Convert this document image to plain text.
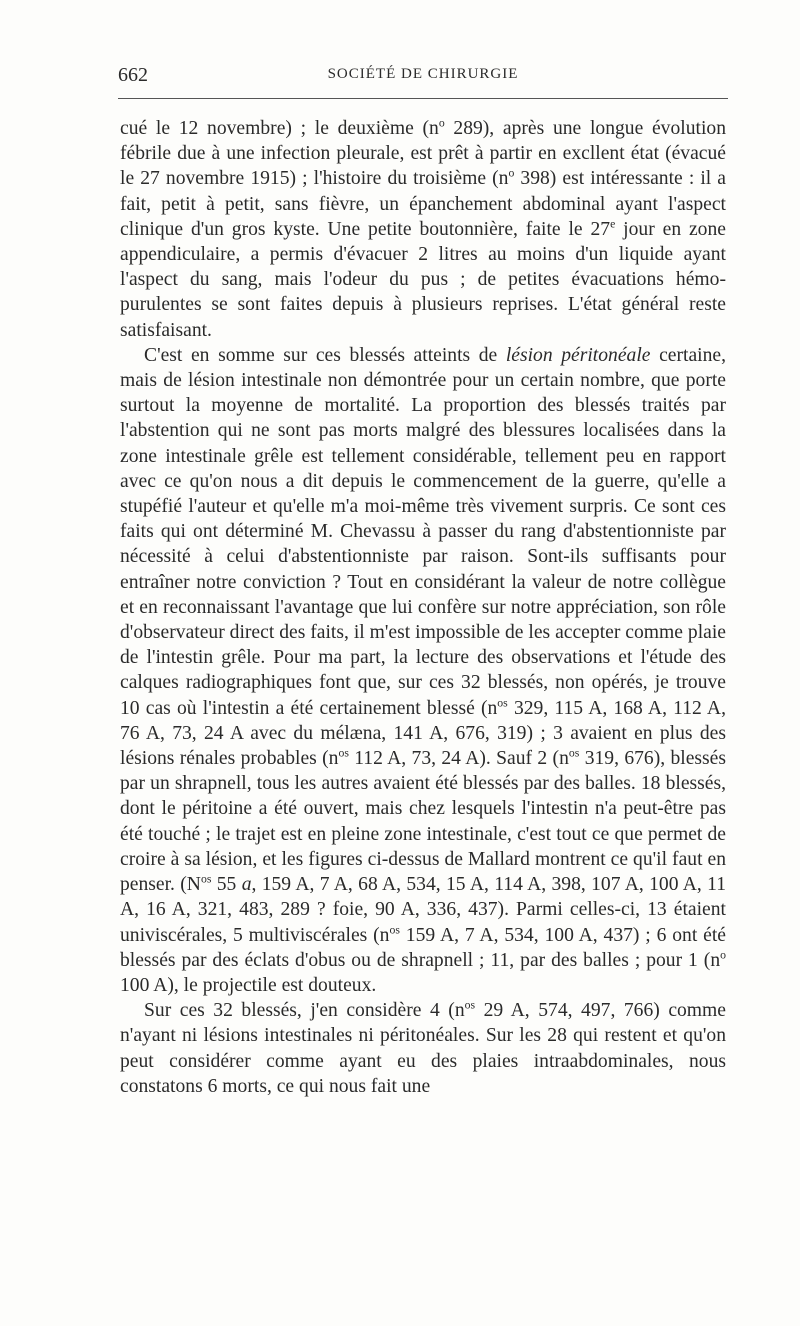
662	SOCIÉTÉ DE CHIRURGIE

cué le 12 novembre) ; le deuxième ($n^o$ 289), après une longue évolution fébrile due à une infection pleurale, est prêt à partir en excllent état (évacué le 27 novembre 1915) ; l'histoire du troisième ($n^o$ 398) est intéressante : il a fait, petit à petit, sans fièvre, un épanchement abdominal ayant l'aspect clinique d'un gros kyste. Une petite boutonnière, faite le 27e jour en zone appendiculaire, a permis d'évacuer 2 litres au moins d'un liquide ayant l'aspect du sang, mais l'odeur du pus ; de petites évacuations hémo-purulentes se sont faites depuis à plusieurs reprises. L'état général reste satisfaisant.

C'est en somme sur ces blessés atteints de lésion péritonéale certaine, mais de lésion intestinale non démontrée pour un certain nombre, que porte surtout la moyenne de mortalité. La proportion des blessés traités par l'abstention qui ne sont pas morts malgré des blessures localisées dans la zone intestinale grêle est tellement considérable, tellement peu en rapport avec ce qu'on nous a dit depuis le commencement de la guerre, qu'elle a stupéfié l'auteur et qu'elle m'a moi-même très vivement surpris. Ce sont ces faits qui ont déterminé M. Chevassu à passer du rang d'abstentionniste par nécessité à celui d'abstentionniste par raison. Sont-ils suffisants pour entraîner notre conviction ? Tout en considérant la valeur de notre collègue et en reconnaissant l'avantage que lui confère sur notre appréciation, son rôle d'observateur direct des faits, il m'est impossible de les accepter comme plaie de l'intestin grêle. Pour ma part, la lecture des observations et l'étude des calques radiographiques font que, sur ces 32 blessés, non opérés, je trouve 10 cas où l'intestin a été certainement blessé ($n^{os}$ 329, 115 A, 168 A, 112 A, 76 A, 73, 24 A avec du mélæna, 141 A, 676, 319) ; 3 avaient en plus des lésions rénales probables ($n^{os}$ 112 A, 73, 24 A). Sauf 2 ($n^{os}$ 319, 676), blessés par un shrapnell, tous les autres avaient été blessés par des balles. 18 blessés, dont le péritoine a été ouvert, mais chez lesquels l'intestin n'a peut-être pas été touché ; le trajet est en pleine zone intestinale, c'est tout ce que permet de croire à sa lésion, et les figures ci-dessus de Mallard montrent ce qu'il faut en penser. ($N^{os}$ 55 a, 159 A, 7 A, 68 A, 534, 15 A, 114 A, 398, 107 A, 100 A, 11 A, 16 A, 321, 483, 289 ? foie, 90 A, 336, 437). Parmi celles-ci, 13 étaient univiscérales, 5 multiviscérales ($n^{os}$ 159 A, 7 A, 534, 100 A, 437) ; 6 ont été blessés par des éclats d'obus ou de shrapnell ; 11, par des balles ; pour 1 ($n^o$ 100 A), le projectile est douteux.

Sur ces 32 blessés, j'en considère 4 ($n^{os}$ 29 A, 574, 497, 766) comme n'ayant ni lésions intestinales ni péritonéales. Sur les 28 qui restent et qu'on peut considérer comme ayant eu des plaies intraabdominales, nous constatons 6 morts, ce qui nous fait une
